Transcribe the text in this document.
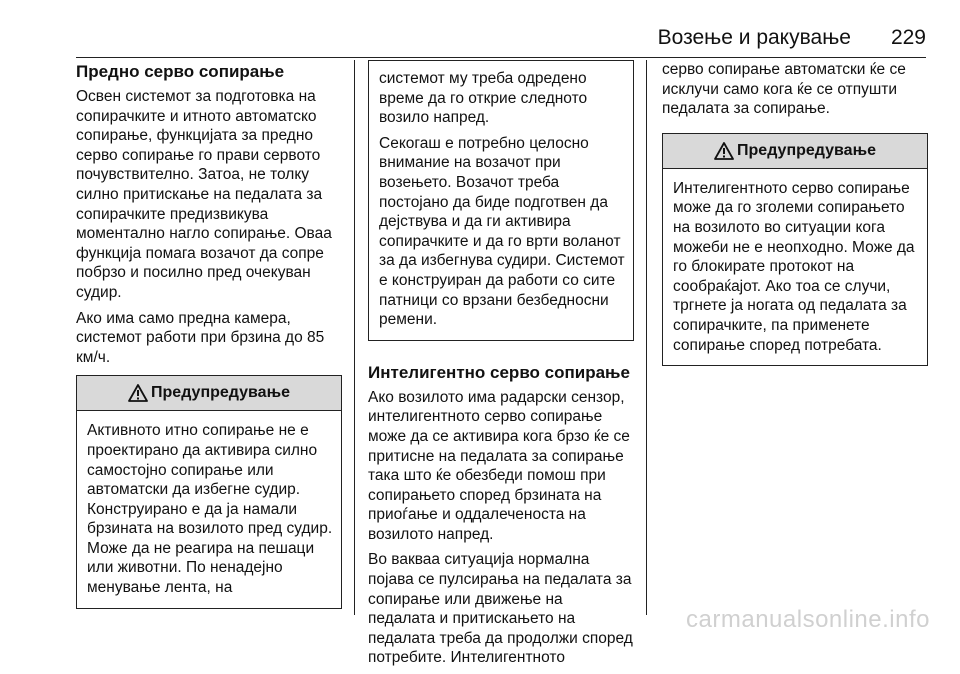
Возење и ракување 229
Предно серво сопирање

Освен системот за подготовка на сопирачките и итното автоматско сопирање, функцијата за предно серво сопирање го прави сервото почувствително. Затоа, не толку силно притискање на педалата за сопирачките предизвикува моментално нагло сопирање. Оваа функција помага возачот да сопре побрзо и посилно пред очекуван судир.

Ако има само предна камера, системот работи при брзина до 85 км/ч.

Предупредување
Активното итно сопирање не е проектирано да активира силно самостојно сопирање или автоматски да избегне судир. Конструирано е да ја намали брзината на возилото пред судир. Може да не реагира на пешаци или животни. По ненадејно менување лента, на

системот му треба одредено време да го открие следното возило напред.

Секогаш е потребно целосно внимание на возачот при возењето. Возачот треба постојано да биде подготвен да дејствува и да ги активира сопирачките и да го врти воланот за да избегнува судири. Системот е конструиран да работи со сите патници со врзани безбедносни ремени.

Интелигентно серво сопирање

Ако возилото има радарски сензор, интелигентното серво сопирање може да се активира кога брзо ќе се притисне на педалата за сопирање така што ќе обезбеди помош при сопирањето според брзината на приоѓање и оддалеченоста на возилото напред.

Во вакваа ситуација нормална појава се пулсирања на педалата за сопирање или движење на педалата и притискањето на педалата треба да продолжи според потребите. Интелигентното

серво сопирање автоматски ќе се исклучи само кога ќе се отпушти педалата за сопирање.

Предупредување
Интелигентното серво сопирање може да го зголеми сопирањето на возилото во ситуации кога можеби не е неопходно. Може да го блокирате протокот на сообраќајот. Ако тоа се случи, тргнете ја ногата од педалата за сопирачките, па применете сопирање според потребата.
carmanualsonline.info
